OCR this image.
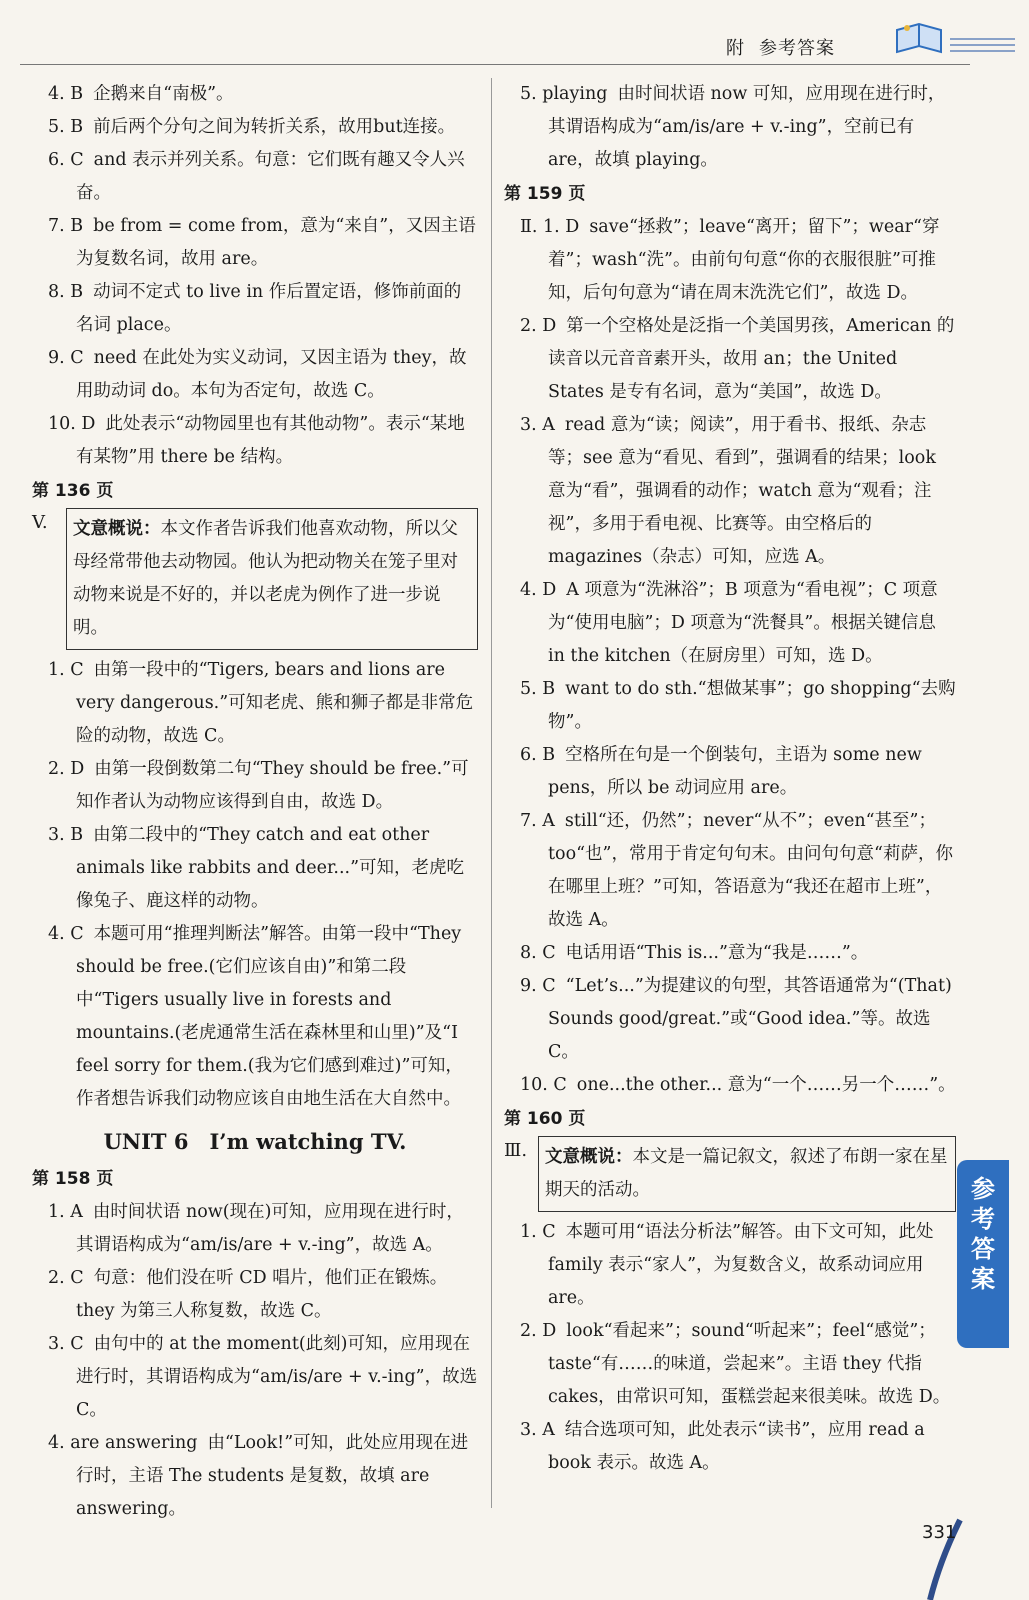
附 参考答案

4. B 企鹅来自“南极”。

5. B 前后两个分句之间为转折关系，故用but连接。

6. C and 表示并列关系。句意：它们既有趣又令人兴奋。

7. B be from = come from，意为“来自”，又因主语为复数名词，故用 are。

8. B 动词不定式 to live in 作后置定语，修饰前面的名词 place。

9. C need 在此处为实义动词，又因主语为 they，故用助动词 do。本句为否定句，故选 C。

10. D 此处表示“动物园里也有其他动物”。表示“某地有某物”用 there be 结构。

第 136 页
V.	文意概说：本文作者告诉我们他喜欢动物，所以父母经常带他去动物园。他认为把动物关在笼子里对动物来说是不好的，并以老虎为例作了进一步说明。

1. C 由第一段中的“Tigers, bears and lions are very dangerous.”可知老虎、熊和狮子都是非常危险的动物，故选 C。

2. D 由第一段倒数第二句“They should be free.”可知作者认为动物应该得到自由，故选 D。

3. B 由第二段中的“They catch and eat other animals like rabbits and deer...”可知，老虎吃像兔子、鹿这样的动物。

4. C 本题可用“推理判断法”解答。由第一段中“They should be free.(它们应该自由)”和第二段中“Tigers usually live in forests and mountains.(老虎通常生活在森林里和山里)”及“I feel sorry for them.(我为它们感到难过)”可知，作者想告诉我们动物应该自由地生活在大自然中。

UNIT 6　I’m watching TV.
第 158 页

1. A 由时间状语 now(现在)可知，应用现在进行时，其谓语构成为“am/is/are + v.-ing”，故选 A。

2. C 句意：他们没在听 CD 唱片，他们正在锻炼。they 为第三人称复数，故选 C。

3. C 由句中的 at the moment(此刻)可知，应用现在进行时，其谓语构成为“am/is/are + v.-ing”，故选 C。

4. are answering 由“Look!”可知，此处应用现在进行时，主语 The students 是复数，故填 are answering。

5. playing 由时间状语 now 可知，应用现在进行时，其谓语构成为“am/is/are + v.-ing”，空前已有 are，故填 playing。

第 159 页

Ⅱ. 1. D save“拯救”；leave“离开；留下”；wear“穿着”；wash“洗”。由前句句意“你的衣服很脏”可推知，后句句意为“请在周末洗洗它们”，故选 D。

2. D 第一个空格处是泛指一个美国男孩，American 的读音以元音音素开头，故用 an；the United States 是专有名词，意为“美国”，故选 D。

3. A read 意为“读；阅读”，用于看书、报纸、杂志等；see 意为“看见、看到”，强调看的结果；look 意为“看”，强调看的动作；watch 意为“观看；注视”，多用于看电视、比赛等。由空格后的 magazines（杂志）可知，应选 A。

4. D A 项意为“洗淋浴”；B 项意为“看电视”；C 项意为“使用电脑”；D 项意为“洗餐具”。根据关键信息 in the kitchen（在厨房里）可知，选 D。

5. B want to do sth.“想做某事”；go shopping“去购物”。

6. B 空格所在句是一个倒装句，主语为 some new pens，所以 be 动词应用 are。

7. A still“还，仍然”；never“从不”；even“甚至”；too“也”，常用于肯定句句末。由问句句意“莉萨，你在哪里上班？”可知，答语意为“我还在超市上班”，故选 A。

8. C 电话用语“This is...”意为“我是……”。

9. C “Let’s...”为提建议的句型，其答语通常为“(That) Sounds good/great.”或“Good idea.”等。故选 C。

10. C one...the other... 意为“一个……另一个……”。

第 160 页
Ⅲ.	文意概说：本文是一篇记叙文，叙述了布朗一家在星期天的活动。

1. C 本题可用“语法分析法”解答。由下文可知，此处 family 表示“家人”，为复数含义，故系动词应用 are。

2. D look“看起来”；sound“听起来”；feel“感觉”；taste“有……的味道，尝起来”。主语 they 代指 cakes，由常识可知，蛋糕尝起来很美味。故选 D。

3. A 结合选项可知，此处表示“读书”，应用 read a book 表示。故选 A。

参
考
答
案
331
